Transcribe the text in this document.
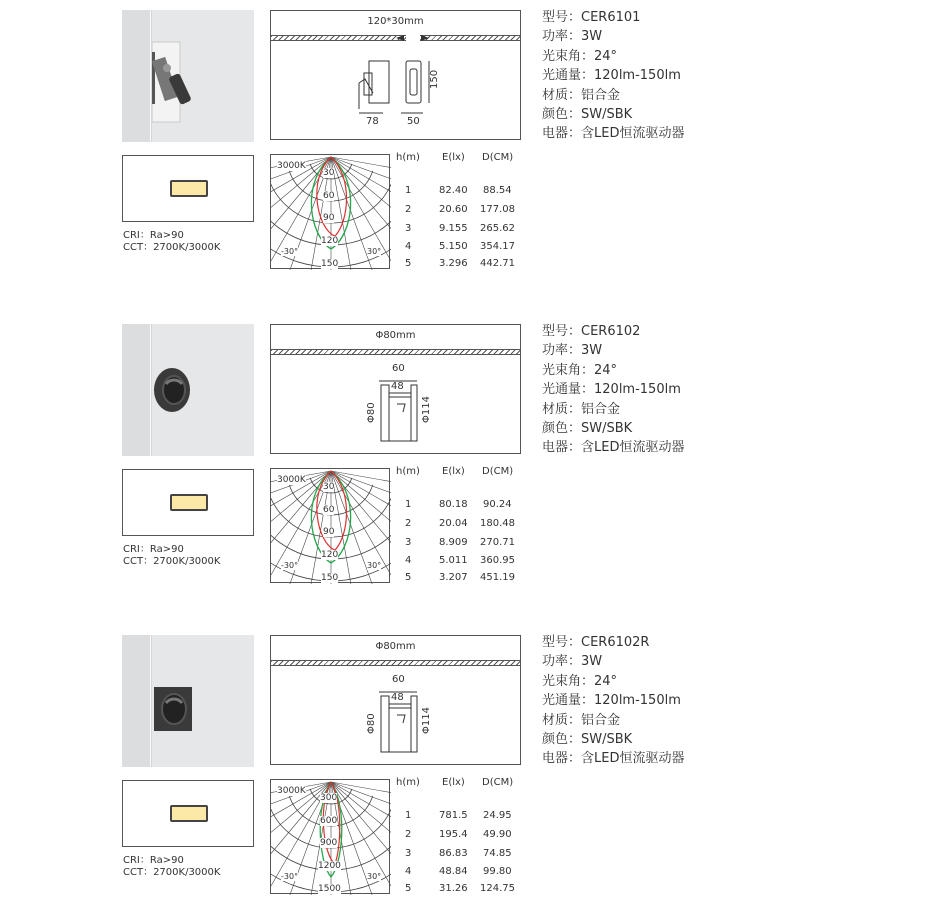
120*30mm
78	50
150
CRI：Ra>90
CCT：2700K/3000K
3000K
30
60
90
120
150
-30°	30°
h(m) E(lx) D(CM)
1	82.40 88.54
2	20.60 177.08
3	9.155 265.62
4	5.150 354.17
5	3.296 442.71
型号：CER6101
功率：3W
光束角：24°
光通量：120lm-150lm
材质：铝合金
颜色：SW/SBK
电器：含LED恒流驱动器
Φ80mm
60
48
Φ80	Φ114
CRI：Ra>90
CCT：2700K/3000K
3000K
30
60
90
120
150
-30°	30°
h(m) E(lx) D(CM)
1	80.18 90.24
2	20.04 180.48
3	8.909 270.71
4	5.011 360.95
5	3.207 451.19
型号：CER6102
功率：3W
光束角：24°
光通量：120lm-150lm
材质：铝合金
颜色：SW/SBK
电器：含LED恒流驱动器
Φ80mm
60
48
Φ80	Φ114
CRI：Ra>90
CCT：2700K/3000K
3000K
300
600
900
1200
1500
-30°	30°
h(m) E(lx) D(CM)
1	781.5 24.95
2	195.4 49.90
3	86.83 74.85
4	48.84 99.80
5	31.26 124.75
型号：CER6102R
功率：3W
光束角：24°
光通量：120lm-150lm
材质：铝合金
颜色：SW/SBK
电器：含LED恒流驱动器
